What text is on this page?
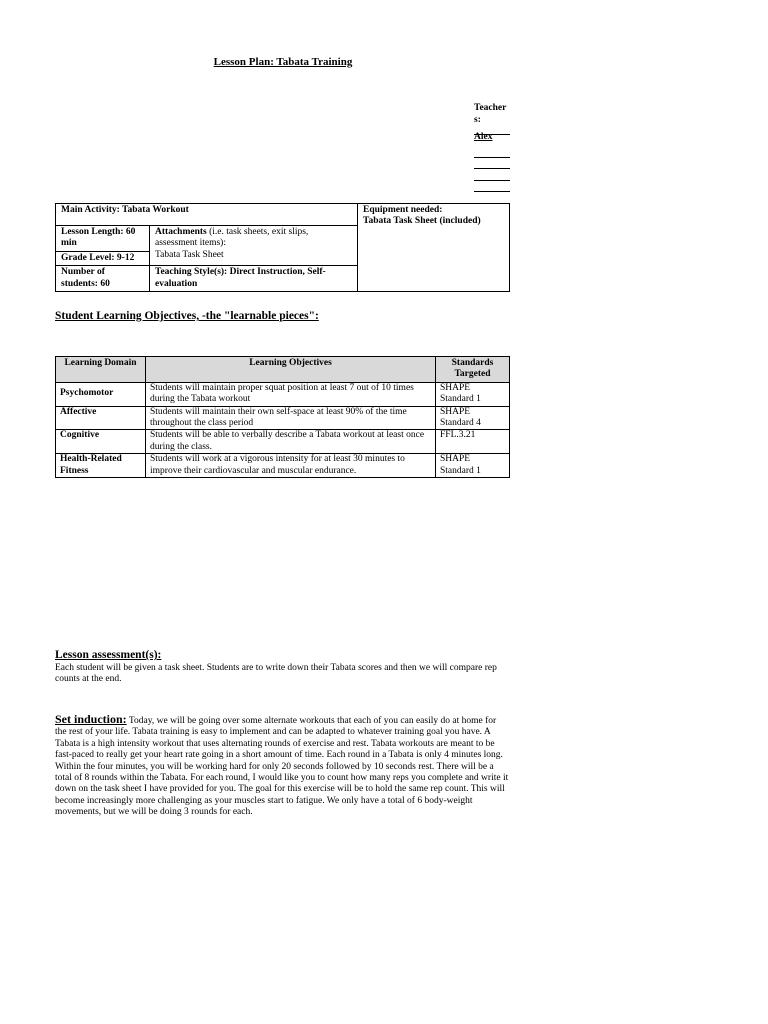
Lesson Plan: Tabata Training
Teacher s:
Alex
Main Activity: Tabata Workout		Equipment needed:
Tabata Task Sheet (included)

Lesson Length: 60 min	Attachments (i.e. task sheets, exit slips, assessment items):
Tabata Task Sheet	

Grade Level: 9-12		
Number of students: 60	Teaching Style(s): Direct Instruction, Self-evaluation	
Student Learning Objectives, -the "learnable pieces":
Learning Domain	Learning Objectives	Standards Targeted
Psychomotor	Students will maintain proper squat position at least 7 out of 10 times during the Tabata workout	SHAPE Standard 1
Affective	Students will maintain their own self-space at least 90% of the time throughout the class period	SHAPE Standard 4
Cognitive	Students will be able to verbally describe a Tabata workout at least once during the class.	FFL.3.21
Health-Related Fitness	Students will work at a vigorous intensity for at least 30 minutes to improve their cardiovascular and muscular endurance.	SHAPE Standard 1
Lesson assessment(s):
Each student will be given a task sheet. Students are to write down their Tabata scores and then we will compare rep counts at the end.
Set induction: Today, we will be going over some alternate workouts that each of you can easily do at home for the rest of your life. Tabata training is easy to implement and can be adapted to whatever training goal you have. A Tabata is a high intensity workout that uses alternating rounds of exercise and rest. Tabata workouts are meant to be fast-paced to really get your heart rate going in a short amount of time. Each round in a Tabata is only 4 minutes long. Within the four minutes, you will be working hard for only 20 seconds followed by 10 seconds rest. There will be a total of 8 rounds within the Tabata. For each round, I would like you to count how many reps you complete and write it down on the task sheet I have provided for you. The goal for this exercise will be to hold the same rep count. This will become increasingly more challenging as your muscles start to fatigue. We only have a total of 6 body-weight movements, but we will be doing 3 rounds for each.
